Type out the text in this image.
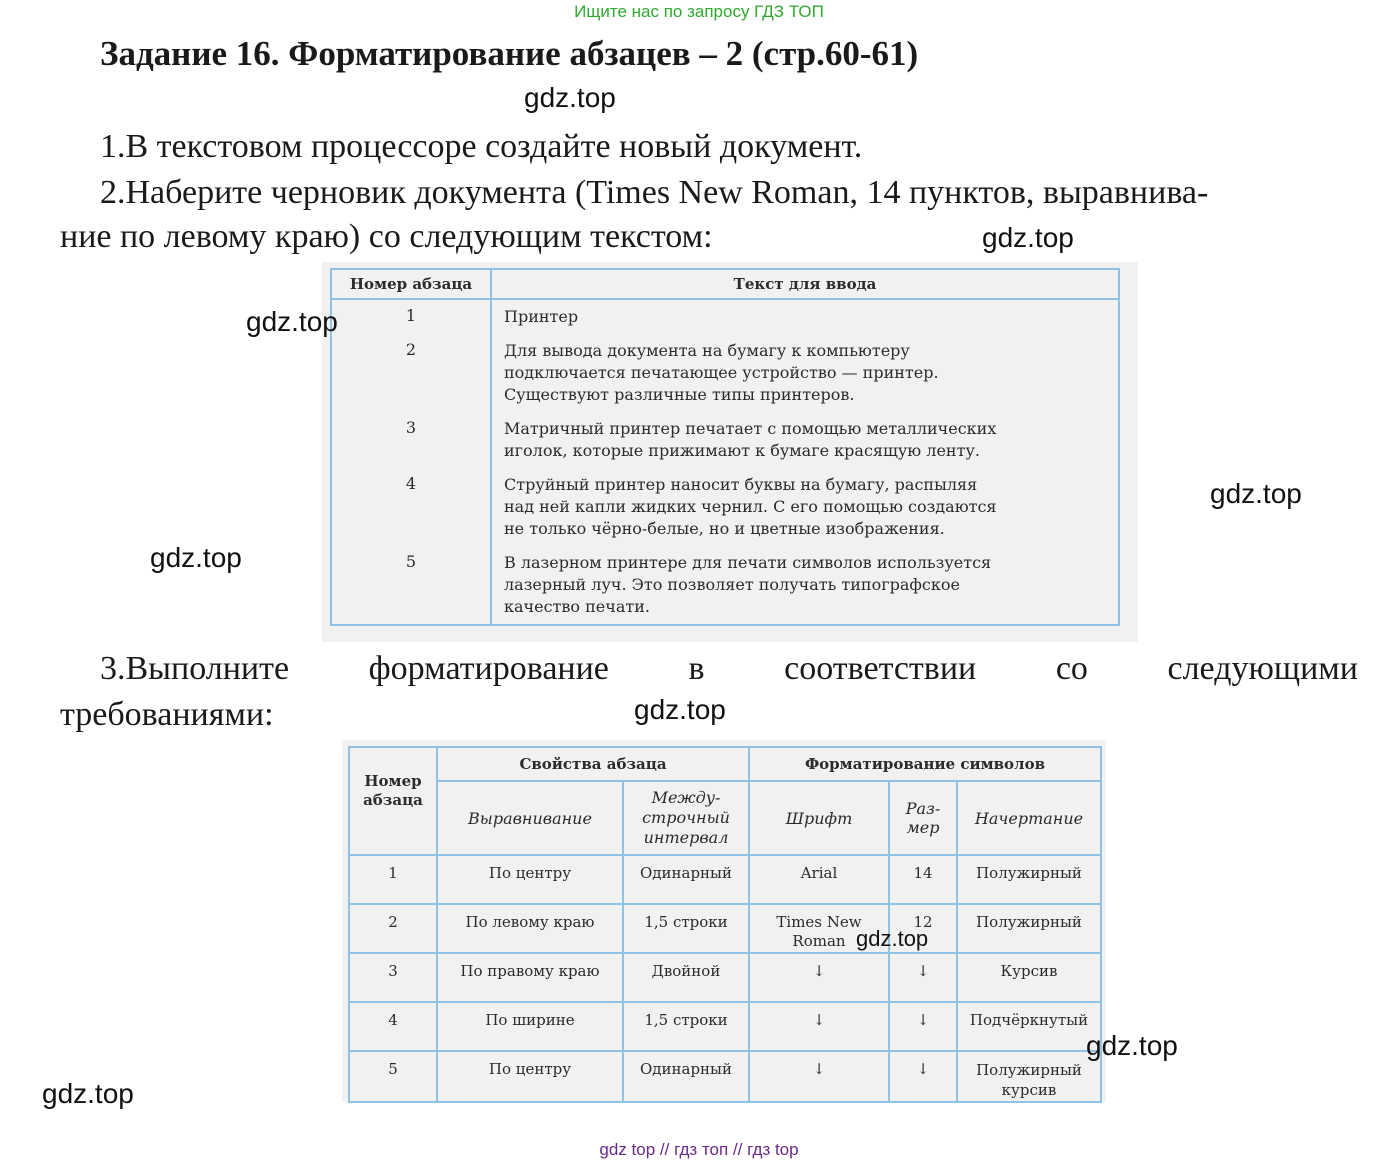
Ищите нас по запросу ГДЗ ТОП
Задание 16. Форматирование абзацев – 2 (стр.60-61)
gdz.top
1.В текстовом процессоре создайте новый документ.
2.Наберите черновик документа (Times New Roman, 14 пунктов, выравнива-
ние по левому краю) со следующим текстом:	gdz.top
Номер абзаца	Текст для ввода
1	Принтер

2	Для вывода документа на бумагу к компьютеру
подключается печатающее устройство — принтер.
Существуют различные типы принтеров.

3	Матричный принтер печатает с помощью металлических
иголок, которые прижимают к бумаге красящую ленту.

4	Струйный принтер наносит буквы на бумагу, распыляя
над ней капли жидких чернил. С его помощью создаются
не только чёрно-белые, но и цветные изображения.

5	В лазерном принтере для печати символов используется
лазерный луч. Это позволяет получать типографское
качество печати.
gdz.top
gdz.top
gdz.top
3.Выполните форматирование в соответствии со следующими
требованиями:	gdz.top
Номер абзаца	Свойства абзаца		Форматирование символов		
	Выравнивание	Между-строчный интервал	Шрифт	Раз-мер	Начертание
1	По центру	Одинарный	Arial	14	Полужирный
2	По левому краю	1,5 строки	Times New Roman	12	Полужирный
3	По правому краю	Двойной	↓	↓	Курсив
4	По ширине	1,5 строки	↓	↓	Подчёркнутый
5	По центру	Одинарный	↓	↓	Полужирный курсив
gdz.top
gdz.top
gdz.top
gdz top // гдз топ // гдз top
